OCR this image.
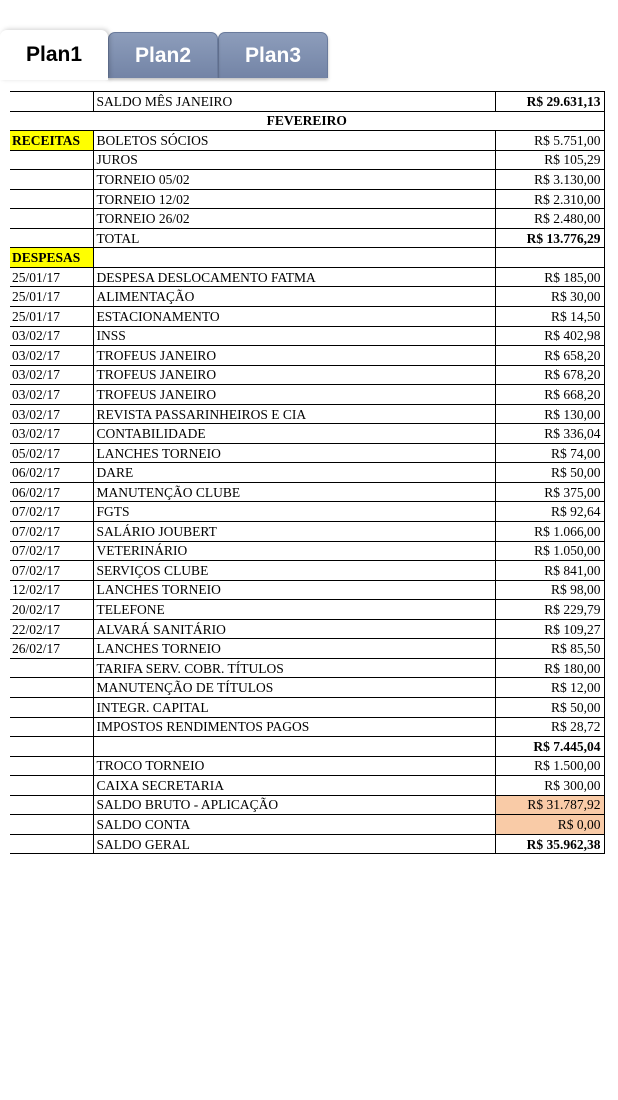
Plan1	Plan2	Plan3
	SALDO MÊS JANEIRO	R$ 29.631,13
FEVEREIRO		
RECEITAS	BOLETOS SÓCIOS	R$ 5.751,00
	JUROS	R$ 105,29
	TORNEIO 05/02	R$ 3.130,00
	TORNEIO 12/02	R$ 2.310,00
	TORNEIO 26/02	R$ 2.480,00
	TOTAL	R$ 13.776,29
DESPESAS		
25/01/17	DESPESA DESLOCAMENTO FATMA	R$ 185,00
25/01/17	ALIMENTAÇÃO	R$ 30,00
25/01/17	ESTACIONAMENTO	R$ 14,50
03/02/17	INSS	R$ 402,98
03/02/17	TROFEUS JANEIRO	R$ 658,20
03/02/17	TROFEUS JANEIRO	R$ 678,20
03/02/17	TROFEUS JANEIRO	R$ 668,20
03/02/17	REVISTA PASSARINHEIROS E CIA	R$ 130,00
03/02/17	CONTABILIDADE	R$ 336,04
05/02/17	LANCHES TORNEIO	R$ 74,00
06/02/17	DARE	R$ 50,00
06/02/17	MANUTENÇÃO CLUBE	R$ 375,00
07/02/17	FGTS	R$ 92,64
07/02/17	SALÁRIO JOUBERT	R$ 1.066,00
07/02/17	VETERINÁRIO	R$ 1.050,00
07/02/17	SERVIÇOS CLUBE	R$ 841,00
12/02/17	LANCHES TORNEIO	R$ 98,00
20/02/17	TELEFONE	R$ 229,79
22/02/17	ALVARÁ SANITÁRIO	R$ 109,27
26/02/17	LANCHES TORNEIO	R$ 85,50
	TARIFA SERV. COBR. TÍTULOS	R$ 180,00
	MANUTENÇÃO DE TÍTULOS	R$ 12,00
	INTEGR. CAPITAL	R$ 50,00
	IMPOSTOS RENDIMENTOS PAGOS	R$ 28,72
		R$ 7.445,04
	TROCO TORNEIO	R$ 1.500,00
	CAIXA SECRETARIA	R$ 300,00
	SALDO BRUTO - APLICAÇÃO	R$ 31.787,92
	SALDO CONTA	R$ 0,00
	SALDO GERAL	R$ 35.962,38
